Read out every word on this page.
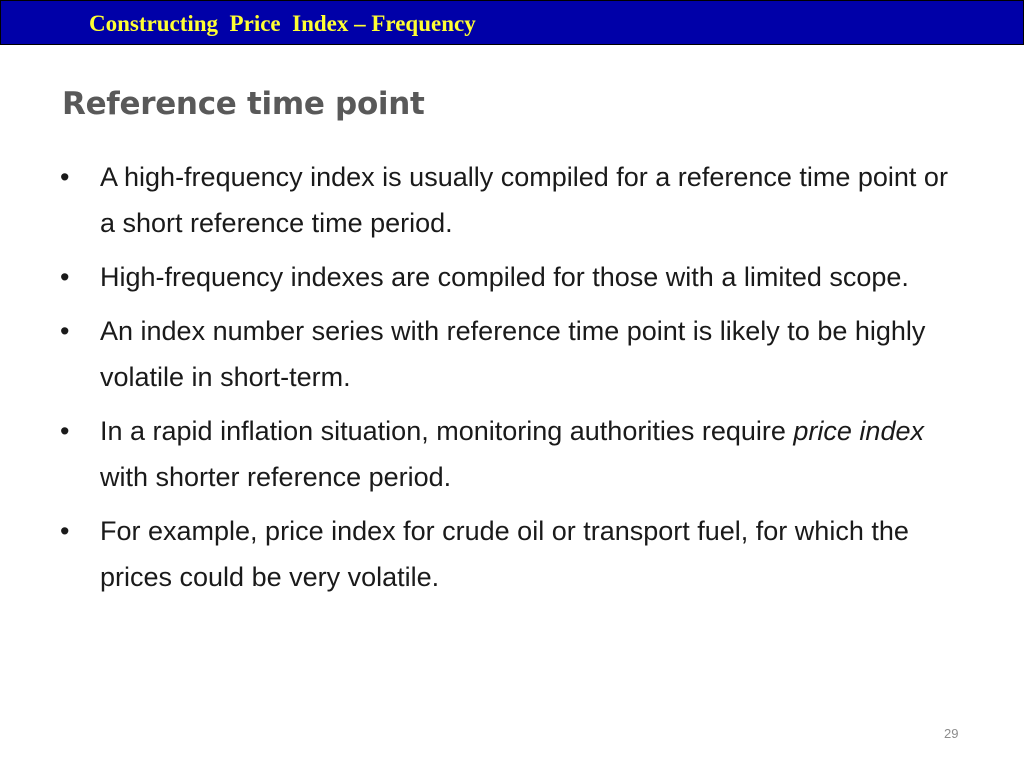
Constructing  Price  Index – Frequency
Reference time point
• A high-frequency index is usually compiled for a reference time point or a short reference time period.
• High-frequency indexes are compiled for those with a limited scope.
• An index number series with reference time point is likely to be highly volatile in short-term.
• In a rapid inflation situation, monitoring authorities require price index with shorter reference period.
• For example, price index for crude oil or transport fuel, for which the prices could be very volatile.
29
